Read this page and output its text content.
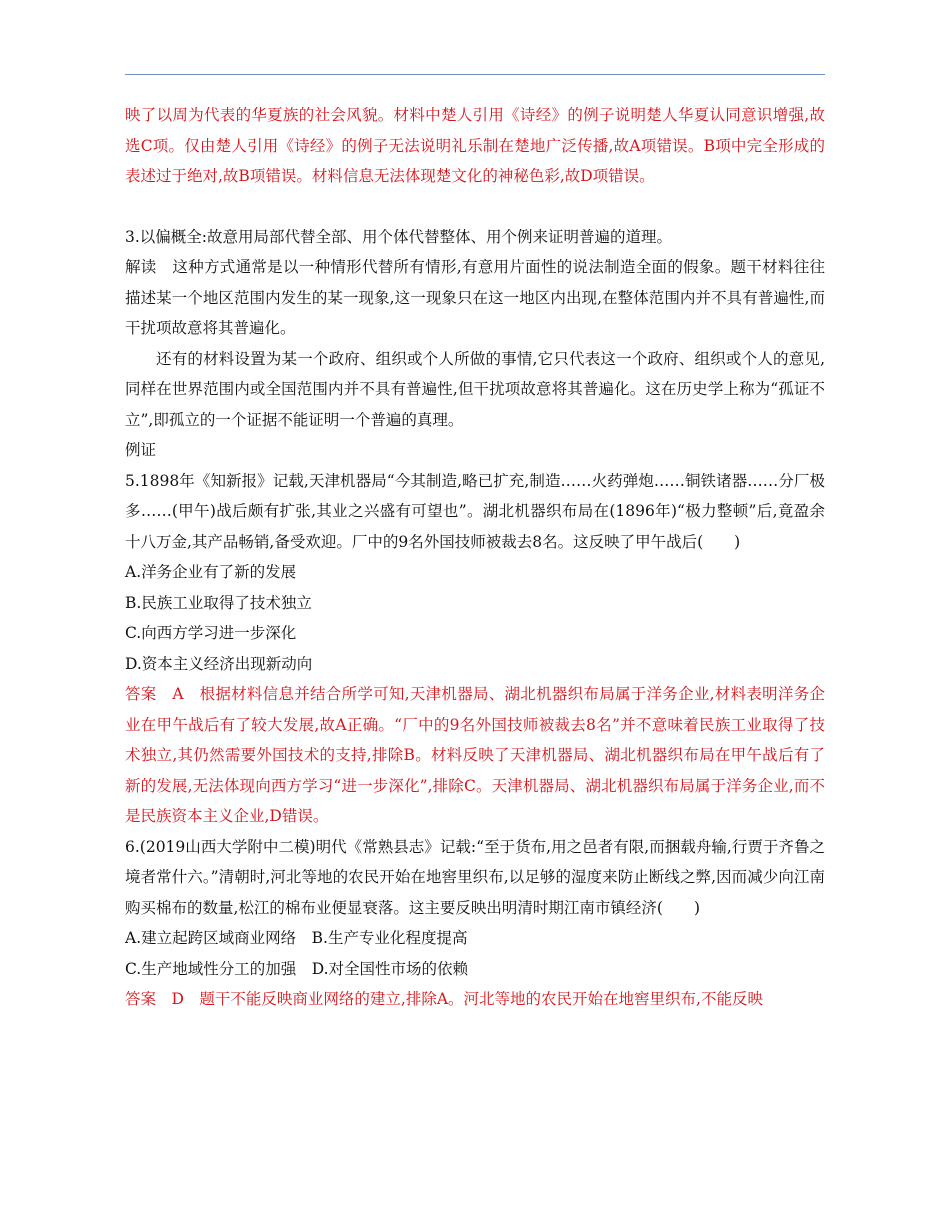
映了以周为代表的华夏族的社会风貌。材料中楚人引用《诗经》的例子说明楚人华夏认同意识增强,故选C项。仅由楚人引用《诗经》的例子无法说明礼乐制在楚地广泛传播,故A项错误。B项中完全形成的表述过于绝对,故B项错误。材料信息无法体现楚文化的神秘色彩,故D项错误。

3.以偏概全:故意用局部代替全部、用个体代替整体、用个例来证明普遍的道理。

解读　这种方式通常是以一种情形代替所有情形,有意用片面性的说法制造全面的假象。题干材料往往描述某一个地区范围内发生的某一现象,这一现象只在这一地区内出现,在整体范围内并不具有普遍性,而干扰项故意将其普遍化。

还有的材料设置为某一个政府、组织或个人所做的事情,它只代表这一个政府、组织或个人的意见,同样在世界范围内或全国范围内并不具有普遍性,但干扰项故意将其普遍化。这在历史学上称为“孤证不立”,即孤立的一个证据不能证明一个普遍的真理。

例证

5.1898年《知新报》记载,天津机器局“今其制造,略已扩充,制造……火药弹炮……铜铁诸器……分厂极多……(甲午)战后颇有扩张,其业之兴盛有可望也”。湖北机器织布局在(1896年)“极力整顿”后,竟盈余十八万金,其产品畅销,备受欢迎。厂中的9名外国技师被裁去8名。这反映了甲午战后(　　)

A.洋务企业有了新的发展

B.民族工业取得了技术独立

C.向西方学习进一步深化

D.资本主义经济出现新动向

答案　A　根据材料信息并结合所学可知,天津机器局、湖北机器织布局属于洋务企业,材料表明洋务企业在甲午战后有了较大发展,故A正确。“厂中的9名外国技师被裁去8名”并不意味着民族工业取得了技术独立,其仍然需要外国技术的支持,排除B。材料反映了天津机器局、湖北机器织布局在甲午战后有了新的发展,无法体现向西方学习“进一步深化”,排除C。天津机器局、湖北机器织布局属于洋务企业,而不是民族资本主义企业,D错误。

6.(2019山西大学附中二模)明代《常熟县志》记载:“至于货布,用之邑者有限,而捆载舟输,行贾于齐鲁之境者常什六。”清朝时,河北等地的农民开始在地窖里织布,以足够的湿度来防止断线之弊,因而减少向江南购买棉布的数量,松江的棉布业便显衰落。这主要反映出明清时期江南市镇经济(　　)

A.建立起跨区域商业网络　B.生产专业化程度提高

C.生产地域性分工的加强　D.对全国性市场的依赖

答案　D　题干不能反映商业网络的建立,排除A。河北等地的农民开始在地窖里织布,不能反映
